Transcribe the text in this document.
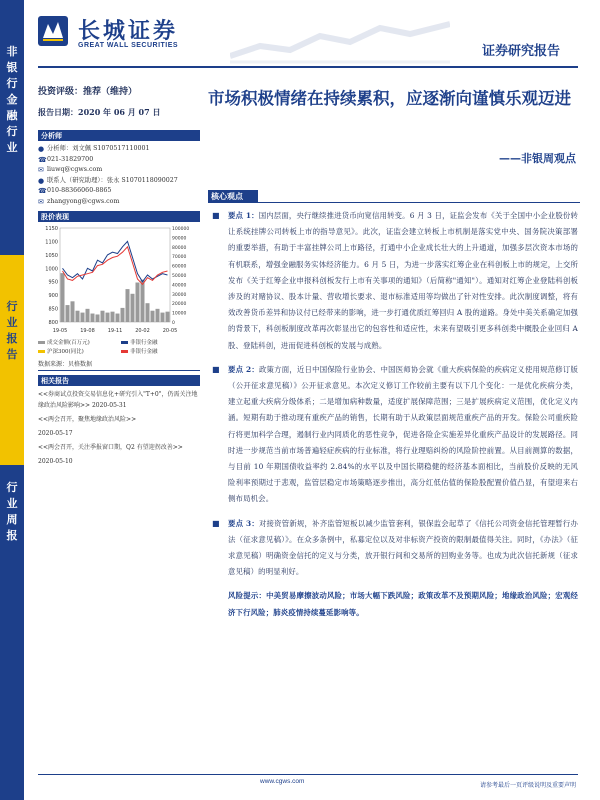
非
银
行
金
融
行
业
行
业
报
告
行
业
周
报
长城证券
GREAT WALL SECURITIES	证券研究报告
投资评级：推荐（维持）
报告日期：2020 年 06 月 07 日
分析师
● 分析师：刘文佩 S1070517110001
☎ 021-31829700
✉ liuwq@cgws.com
● 联系人（研究助理）：张永 S1070118090027
☎ 010-88366060-8865
✉ zhangyong@cgws.com
股价表现
1150
1100
1050
1000
950
900
850
800
100000
90000
80000
70000
60000
50000
40000
30000
20000
10000
0
19-05	19-08	19-11	20-02	20-05
成交金额(百万元)	非银行金融
沪深300(同比)	非银行金融
数据来源：贝格数据
相关报告
<<券商试点投资交易信息化+研究引入"T+0"，仍需关注地缘政治风险影响>> 2020-05-31
<<两会召开，聚焦地缘政治风险>>
2020-05-17
<<两会召开，关注季报窗口期，Q2 有望迎拐改善>>
2020-05-10
市场积极情绪在持续累积，应逐渐向谨慎乐观迈进
——非银周观点
核心观点
■ 要点 1：国内层面，央行继续推进货币向宽信用转变。6 月 3 日，证监会发布《关于全国中小企业股份转让系统挂牌公司转板上市的指导意见》。此次，证监会建立转板上市机制是落实党中央、国务院决策部署的重要举措，有助于丰富挂牌公司上市路径，打通中小企业成长壮大的上升通道，加强多层次资本市场的有机联系，增强金融服务实体经济能力。6 月 5 日，为进一步落实红筹企业在科创板上市的规定，上交所发布《关于红筹企业申报科创板发行上市有关事项的通知》（后简称"通知"）。通知对红筹企业登陆科创板涉及的对赌协议、股本计量、营收增长要求、退市标准适用等均做出了针对性安排。此次制度调整，将有效改善货币差异和协议付已经带来的影响，进一步打通优质红筹回归 A 股的道路。身处中美关系确定加强的背景下，科创板制度改革再次彰显出它的包容性和适应性，未来有望吸引更多科创类中概股企业回归 A 股、登陆科创，进而促进科创板的发展与成熟。
■ 要点 2：政策方面，近日中国保险行业协会、中国医师协会就《重大疾病保险的疾病定义使用规范修订版（公开征求意见稿）》公开征求意见。本次定义修订工作较前主要有以下几个变化：一是优化疾病分类，建立起重大疾病分级体系；二是增加病种数量，适度扩展保障范围；三是扩展疾病定义范围，优化定义内涵。短期有助于推动现有重疾产品的销售，长期有助于从政策层面规范重疾产品的开发。保险公司重疾险行将更加科学合理，遏制行业内同质化的恶性竞争，促进各险企实施差异化重疾产品设计的发展路径。同时进一步规范当前市场普遍轻症疾病的行业标准，将行业理赔纠纷的风险阶控前置。从目前测算的数据，与目前 10 年期国债收益率约 2.84%的水平以及中国长期稳健的经济基本面相比，当前股价反映的无风险利率预期过于悲观，监管层稳定市场策略逐步推出，高分红低估值的保险股配置价值凸显，有望迎来右侧布局机会。
■ 要点 3：对接资管新规，补齐监管短板以减少监管套利，银保监会起草了《信托公司资金信托管理暂行办法（征求意见稿）》。在众多条例中，私募定位以及对非标资产投资的限制最值得关注。同时，《办法》（征求意见稿）明确资金信托的定义与分类，放开银行间和交易所的回购业务等。也成为此次信托新规（征求意见稿）的明显利好。
风险提示：中美贸易摩擦波动风险；市场大幅下跌风险；政策改革不及预期风险；地缘政治风险；宏观经济下行风险；肺炎疫情持续蔓延影响等。
www.cgws.com
请参考最后一页评级说明及重要声明
